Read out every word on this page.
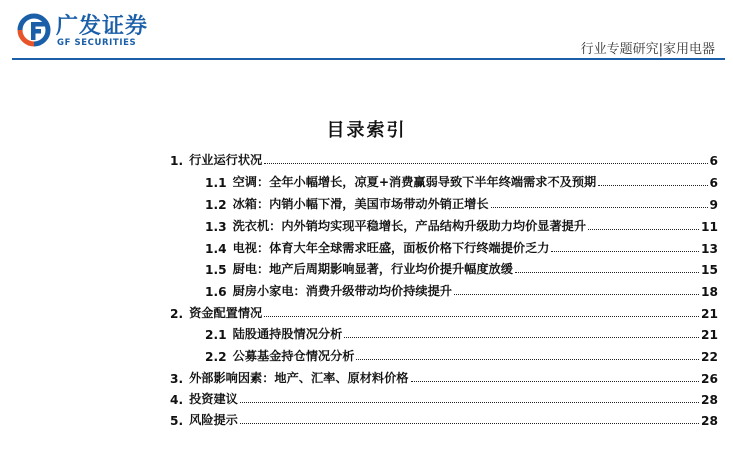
广发证券
GF SECURITIES	行业专题研究|家用电器
目录索引
1. 行业运行状况	6
1.1 空调：全年小幅增长，凉夏+消费赢弱导致下半年终端需求不及预期	6
1.2 冰箱：内销小幅下滑，美国市场带动外销正增长	9
1.3 洗衣机：内外销均实现平稳增长，产品结构升级助力均价显著提升	11
1.4 电视：体育大年全球需求旺盛，面板价格下行终端提价乏力	13
1.5 厨电：地产后周期影响显著，行业均价提升幅度放缓	15
1.6 厨房小家电：消费升级带动均价持续提升	18
2. 资金配置情况	21
2.1 陆股通持股情况分析	21
2.2 公募基金持仓情况分析	22
3. 外部影响因素：地产、汇率、原材料价格	26
4. 投资建议	28
5. 风险提示	28
